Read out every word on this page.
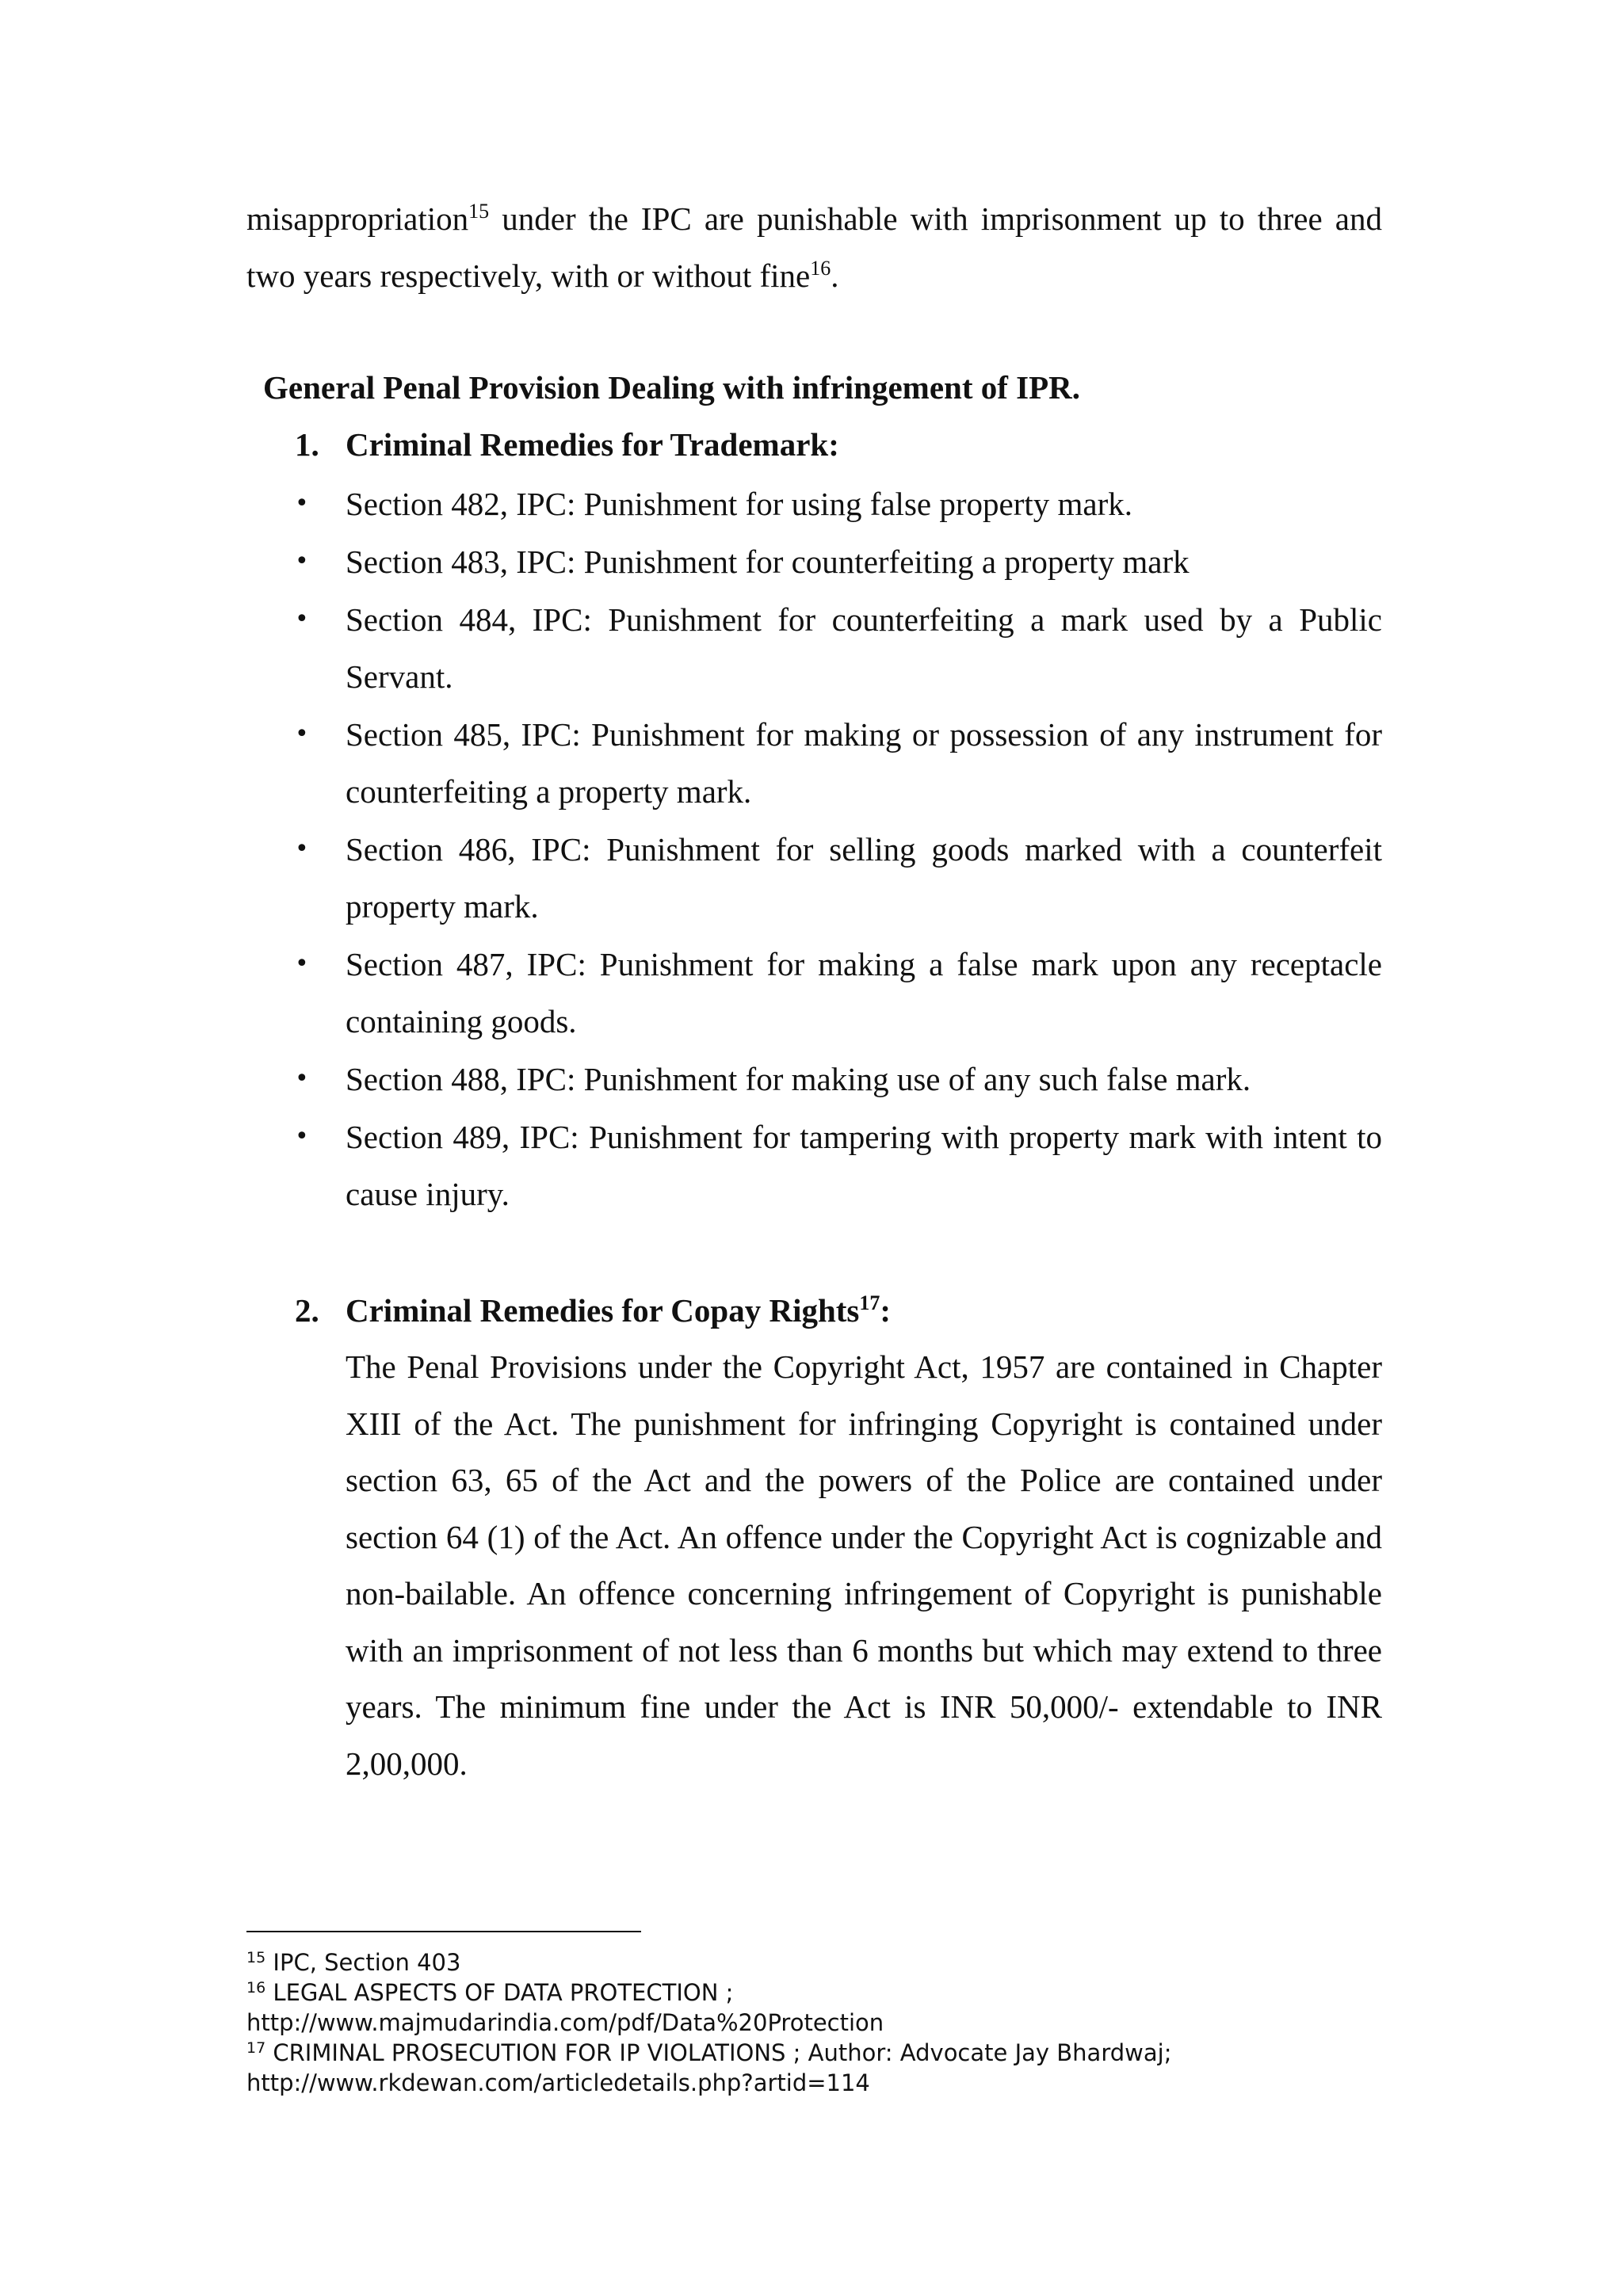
misappropriation$^{15}$ under the IPC are punishable with imprisonment up to three and two years respectively, with or without fine$^{16}$.

General Penal Provision Dealing with infringement of IPR.

1. Criminal Remedies for Trademark:

•	Section 482, IPC: Punishment for using false property mark.
•	Section 483, IPC: Punishment for counterfeiting a property mark
•	Section 484, IPC: Punishment for counterfeiting a mark used by a Public Servant.
•	Section 485, IPC: Punishment for making or possession of any instrument for counterfeiting a property mark.
•	Section 486, IPC: Punishment for selling goods marked with a counterfeit property mark.
•	Section 487, IPC: Punishment for making a false mark upon any receptacle containing goods.
•	Section 488, IPC: Punishment for making use of any such false mark.
•	Section 489, IPC: Punishment for tampering with property mark with intent to cause injury.

2. Criminal Remedies for Copay Rights$^{17}$:

The Penal Provisions under the Copyright Act, 1957 are contained in Chapter XIII of the Act. The punishment for infringing Copyright is contained under section 63, 65 of the Act and the powers of the Police are contained under section 64 (1) of the Act. An offence under the Copyright Act is cognizable and non-bailable. An offence concerning infringement of Copyright is punishable with an imprisonment of not less than 6 months but which may extend to three years. The minimum fine under the Act is INR 50,000/- extendable to INR 2,00,000.

$^{15}$ IPC, Section 403
$^{16}$ LEGAL ASPECTS OF DATA PROTECTION ;
http://www.majmudarindia.com/pdf/Data%20Protection
$^{17}$ CRIMINAL PROSECUTION FOR IP VIOLATIONS ; Author: Advocate Jay Bhardwaj;
http://www.rkdewan.com/articledetails.php?artid=114
